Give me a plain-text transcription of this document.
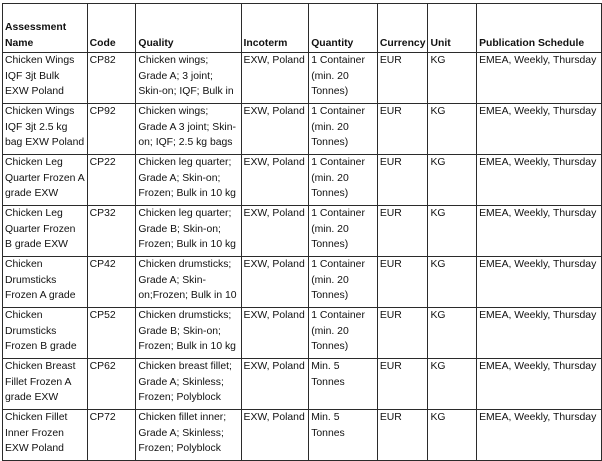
Assessment Name	Code	Quality	Incoterm	Quantity	Currency	Unit	Publication Schedule

Chicken Wings IQF 3jt Bulk EXW Poland	CP82	Chicken wings; Grade A; 3 joint; Skin-on; IQF; Bulk in	EXW, Poland	1 Container (min. 20 Tonnes)	EUR	KG	EMEA, Weekly, Thursday

Chicken Wings IQF 3jt 2.5 kg bag EXW Poland	CP92	Chicken wings; Grade A 3 joint; Skin-on; IQF; 2.5 kg bags	EXW, Poland	1 Container (min. 20 Tonnes)	EUR	KG	EMEA, Weekly, Thursday

Chicken Leg Quarter Frozen A grade EXW	CP22	Chicken leg quarter; Grade A; Skin-on; Frozen; Bulk in 10 kg	EXW, Poland	1 Container (min. 20 Tonnes)	EUR	KG	EMEA, Weekly, Thursday

Chicken Leg Quarter Frozen B grade EXW	CP32	Chicken leg quarter; Grade B; Skin-on; Frozen; Bulk in 10 kg	EXW, Poland	1 Container (min. 20 Tonnes)	EUR	KG	EMEA, Weekly, Thursday

Chicken Drumsticks Frozen A grade	CP42	Chicken drumsticks; Grade A; Skin-on;Frozen; Bulk in 10	EXW, Poland	1 Container (min. 20 Tonnes)	EUR	KG	EMEA, Weekly, Thursday

Chicken Drumsticks Frozen B grade	CP52	Chicken drumsticks; Grade B; Skin-on; Frozen; Bulk in 10 kg	EXW, Poland	1 Container (min. 20 Tonnes)	EUR	KG	EMEA, Weekly, Thursday

Chicken Breast Fillet Frozen A grade EXW	CP62	Chicken breast fillet; Grade A; Skinless; Frozen; Polyblock	EXW, Poland	Min. 5 Tonnes	EUR	KG	EMEA, Weekly, Thursday

Chicken Fillet Inner Frozen EXW Poland	CP72	Chicken fillet inner; Grade A; Skinless; Frozen; Polyblock	EXW, Poland	Min. 5 Tonnes	EUR	KG	EMEA, Weekly, Thursday
